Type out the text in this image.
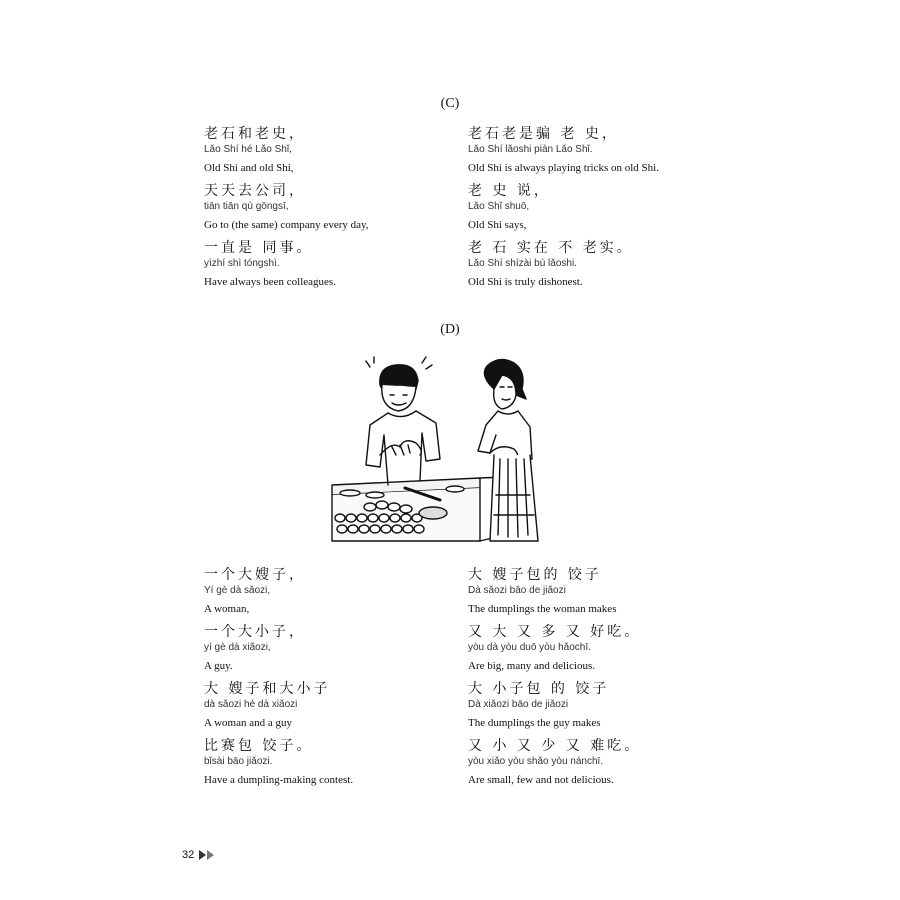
(C)
老石和老史，
Lǎo Shí hé Lǎo Shǐ,
Old Shi and old Shi,
天天去公司，
tiān tiān qù gōngsī,
Go to (the same) company every day,
一直是 同事。
yìzhí shì tóngshì.
Have always been colleagues.
老石老是骗 老 史，
Lǎo Shí lǎoshi piàn Lǎo Shǐ.
Old Shi is always playing tricks on old Shi.
老 史 说，
Lǎo Shǐ shuō,
Old Shi says,
老 石 实在 不 老实。
Lǎo Shí shízài bù lǎoshi.
Old Shi is truly dishonest.
(D)
一个大嫂子，
Yí gè dà sǎozi,
A woman,
一个大小子，
yí gè dà xiǎozi,
A guy.
大 嫂子和大小子
dà sǎozi hé dà xiǎozi
A woman and a guy
比赛包 饺子。
bǐsài bāo jiǎozi.
Have a dumpling-making contest.
大 嫂子包的 饺子
Dà sǎozi bāo de jiǎozi
The dumplings the woman makes
又 大 又 多 又 好吃。
yòu dà yòu duō yòu hǎochī.
Are big, many and delicious.
大 小子包 的 饺子
Dà xiǎozi bāo de jiǎozi
The dumplings the guy makes
又 小 又 少 又 难吃。
yòu xiǎo yòu shǎo yòu nánchī.
Are small, few and not delicious.
32
